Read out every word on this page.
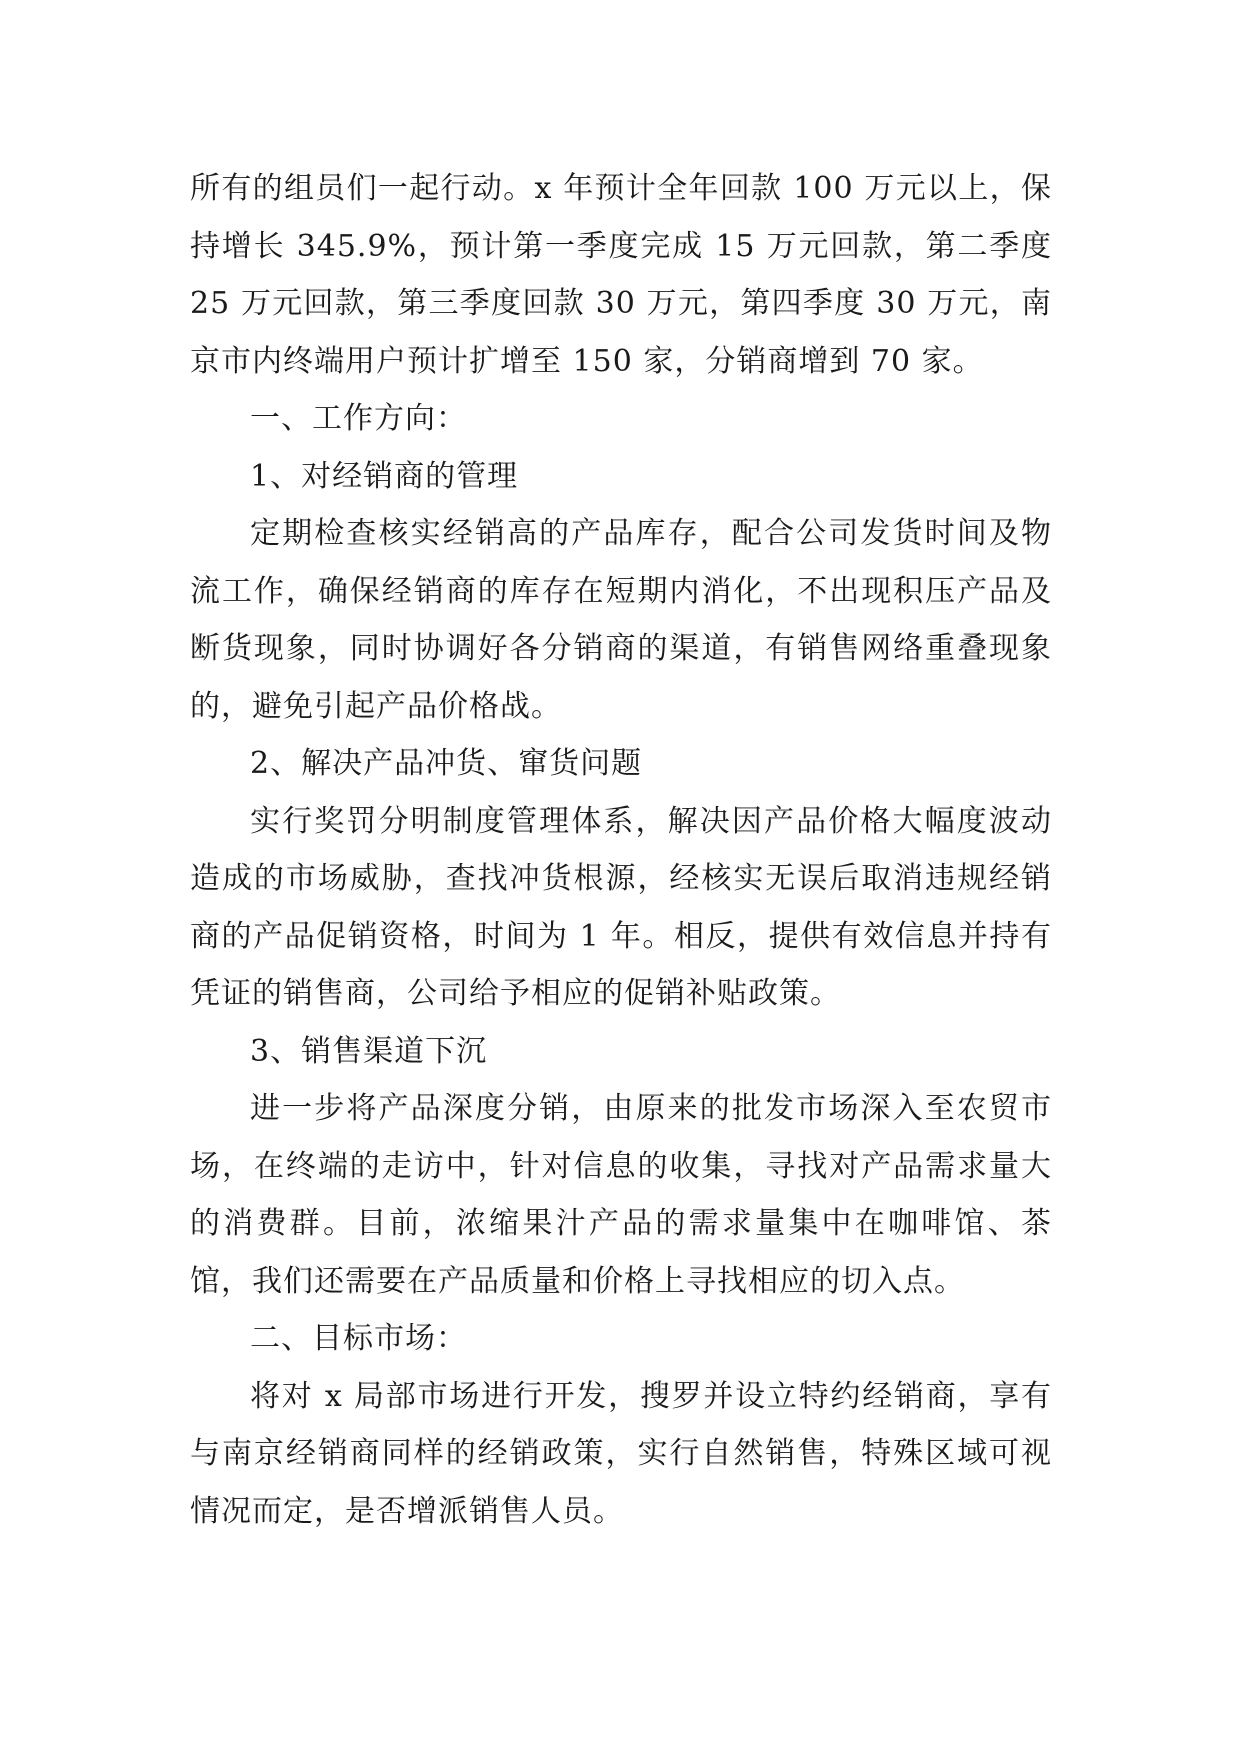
所有的组员们一起行动。x 年预计全年回款 100 万元以上，保持增长 345.9%，预计第一季度完成 15 万元回款，第二季度 25 万元回款，第三季度回款 30 万元，第四季度 30 万元，南京市内终端用户预计扩增至 150 家，分销商增到 70 家。

一、工作方向：

1、对经销商的管理

定期检查核实经销高的产品库存，配合公司发货时间及物流工作，确保经销商的库存在短期内消化，不出现积压产品及断货现象，同时协调好各分销商的渠道，有销售网络重叠现象的，避免引起产品价格战。

2、解决产品冲货、窜货问题

实行奖罚分明制度管理体系，解决因产品价格大幅度波动造成的市场威胁，查找冲货根源，经核实无误后取消违规经销商的产品促销资格，时间为 1 年。相反，提供有效信息并持有凭证的销售商，公司给予相应的促销补贴政策。

3、销售渠道下沉

进一步将产品深度分销，由原来的批发市场深入至农贸市场，在终端的走访中，针对信息的收集，寻找对产品需求量大的消费群。目前，浓缩果汁产品的需求量集中在咖啡馆、茶馆，我们还需要在产品质量和价格上寻找相应的切入点。

二、目标市场：

将对 x 局部市场进行开发，搜罗并设立特约经销商，享有与南京经销商同样的经销政策，实行自然销售，特殊区域可视情况而定，是否增派销售人员。
